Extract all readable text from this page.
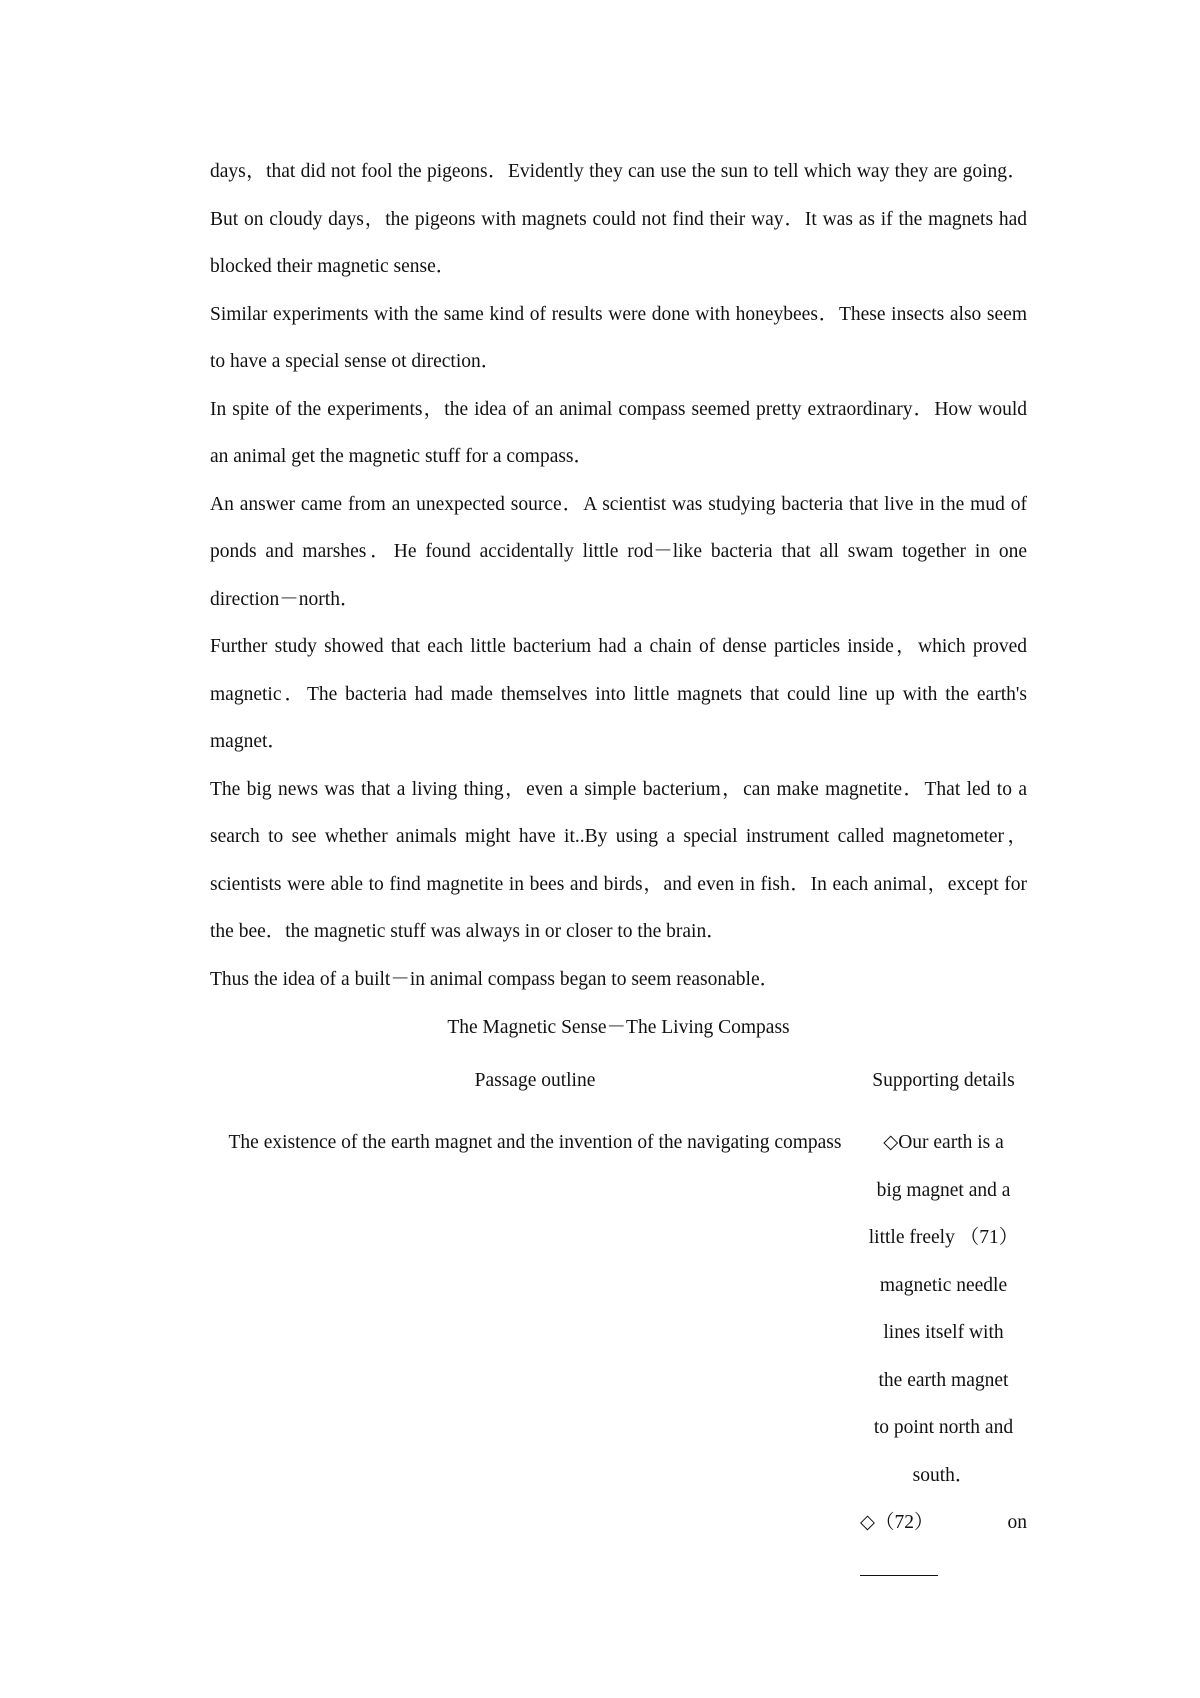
days，that did not fool the pigeons．Evidently they can use the sun to tell which way they are going．But on cloudy days，the pigeons with magnets could not find their way．It was as if the magnets had blocked their magnetic sense．

Similar experiments with the same kind of results were done with honeybees．These insects also seem to have a special sense ot direction．

In spite of the experiments，the idea of an animal compass seemed pretty extraordinary．How would an animal get the magnetic stuff for a compass．

An answer came from an unexpected source．A scientist was studying bacteria that live in the mud of ponds and marshes．He found accidentally little rod－like bacteria that all swam together in one direction－north．

Further study showed that each little bacterium had a chain of dense particles inside，which proved magnetic．The bacteria had made themselves into little magnets that could line up with the earth's magnet．

The big news was that a living thing，even a simple bacterium，can make magnetite．That led to a search to see whether animals might have it..By using a special instrument called magnetometer，scientists were able to find magnetite in bees and birds，and even in fish．In each animal，except for the bee．the magnetic stuff was always in or closer to the brain．

Thus the idea of a built－in animal compass began to seem reasonable．

The Magnetic Sense－The Living Compass
Passage outline
The existence of the earth magnet and the invention of the navigating compass
Supporting details
◇Our earth is a
big magnet and a
little freely （71）
magnetic needle
lines itself with
the earth magnet
to point north and
south．
◇（72）	on
